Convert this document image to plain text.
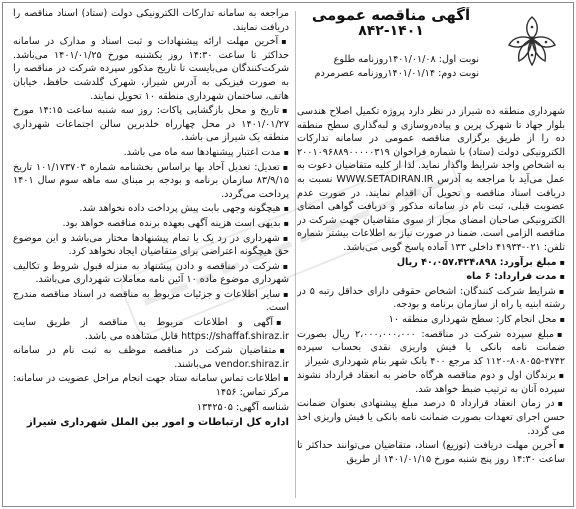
آگهی مناقصه عمومی
۸۴۲-۱۴۰۱
نوبت اول: ۱۴۰۱/۰۱/۰۸روزنامه طلوع
نوبت دوم: ۱۴۰۱/۰۱/۱۴روزنامه عصرمردم
شهرداری منطقه ده شیراز در نظر دارد پروژه تکمیل اصلاح هندسی بلوار جهاد تا شهرک پرین و پیاده‌روسازی و لبه‌گذاری سطح منطقه ده را از طریق برگزاری مناقصه عمومی در سامانه تدارکات الکترونیکی دولت (ستاد) با شماره فراخوان ۲۰۰۱۰۹۶۸۸۹۰۰۰۰۰۳۱۹ به اشخاص واجد شرایط واگذار نماید. لذا از کلیه متقاضیان دعوت به عمل می‌آید با مراجعه به آدرس WWW.SETADIRAN.IR نسبت به دریافت اسناد مناقصه و تحویل آن اقدام نمایند. در صورت عدم عضویت قبلی، ثبت نام در سامانه مذکور و دریافت گواهی امضای الکترونیکی صاحبان امضای مجاز از سوی متقاضیان جهت شرکت در مناقصه الزامی است. ضمنا در صورت نیاز به اطلاعات بیشتر شماره تلفن: ۰۲۱-۴۱۹۳۴ داخلی ۱۳۳ آماده پاسخ گویی می‌باشد.
▪ مبلغ برآورد: ۴۰،۰۵۷،۴۲۴،۸۹۸ ریال
▪ مدت قرارداد: ۶ ماه
▪ شرایط شرکت کنندگان: اشخاص حقوقی دارای حداقل رتبه ۵ در رشته ابنیه یا راه از سازمان برنامه و بودجه.
▪ محل انجام کار: سطح شهرداری منطقه ۱۰
▪ مبلغ سپرده شرکت در مناقصه: ۲،۰۰۰،۰۰۰،۰۰۰ ریال بصورت ضمانت نامه بانکی یا فیش واریزی نقدی بحساب سپرده ۴۷۴۲-۸۰۸۰۵۵-۱۱۲۰ کد مرجع ۴۰۰ بانک شهر بنام شهرداری شیراز
▪ برندگان اول و دوم مناقصه هرگاه حاضر به انعقاد قرارداد نشوند سپرده آنان به ترتیب ضبط خواهد شد.
▪ در زمان انعقاد قرارداد ۵ درصد مبلغ پیشنهادی بعنوان ضمانت حسن اجرای تعهدات بصورت ضمانت نامه بانکی یا فیش واریزی اخذ می گردد.
▪ آخرین مهلت دریافت (توزیع) اسناد، متقاضیان می‌توانند حداکثر تا ساعت ۱۴:۳۰ روز پنج شنبه مورخ ۱۴۰۱/۰۱/۱۵ از طریق
مراجعه به سامانه تدارکات الکترونیکی دولت (ستاد) اسناد مناقصه را دریافت نمایند.
▪ آخرین مهلت ارائه پیشنهادات و ثبت اسناد و مدارک در سامانه حداکثر تا ساعت ۱۴:۳۰ روز یکشنبه مورخ ۱۴۰۱/۰۱/۲۵ می‌باشد. شرکت‌کنندگان می‌بایست تا تاریخ مذکور سپرده شرکت در مناقصه را به صورت فیزیکی به آدرس شیراز، شهرک گلدشت حافظ، خیابان هاتف، ساختمان شهرداری منطقه ۱۰ تحویل نمایند.
▪ تاریخ و محل بازگشایی پاکات: روز سه شنبه ساعت ۱۴:۱۵ مورخ ۱۴۰۱/۰۱/۲۷ در محل چهارراه خلدبرین سالن اجتماعات شهرداری منطقه یک شیراز می باشد.
▪ مدت اعتبار پیشنهادها سه ماه می باشد.
▪ تعدیل: تعدیل آحاد بها براساس بخشنامه شماره ۱۰۱/۱۷۳۷۰۳ تاریخ ۸۳/۹/۱۵ سازمان برنامه و بودجه بر مبنای سه ماهه سوم سال ۱۴۰۱ پرداخت می‌گردد.
▪ هیچگونه وجهی بابت پیش پرداخت داده نخواهد شد.
▪ بدیهی است هزینه آگهی بعهده برنده مناقصه خواهد بود.
▪ شهرداری در رد یک یا تمام پیشنهادها مختار می‌باشد و این موضوع حق هیچگونه اعتراضی برای متقاضیان ایجاد نخواهد کرد.
▪ شرکت در مناقصه و دادن پیشنهاد به منزله قبول شروط و تکالیف شهرداری موضوع ماده ۱۰ آئین نامه معاملات شهرداری می‌باشد.
▪ سایر اطلاعات و جزئیات مربوط به مناقصه در اسناد مناقصه مندرج است.
▪ آگهی و اطلاعات مربوط به مناقصه از طریق سایت https://shaffaf.shiraz.ir قابل مشاهده می باشد.
▪ متقاضیان شرکت در مناقصه موظف به ثبت نام در سامانه vendor.shiraz.ir می‌باشند.
▪ اطلاعات تماس سامانه ستاد جهت انجام مراحل عضویت در سامانه: مرکز تماس: ۱۴۵۶
شناسه آگهی: ۱۳۴۲۵۰۵
اداره کل ارتباطات و امور بین الملل شهرداری شیراز
